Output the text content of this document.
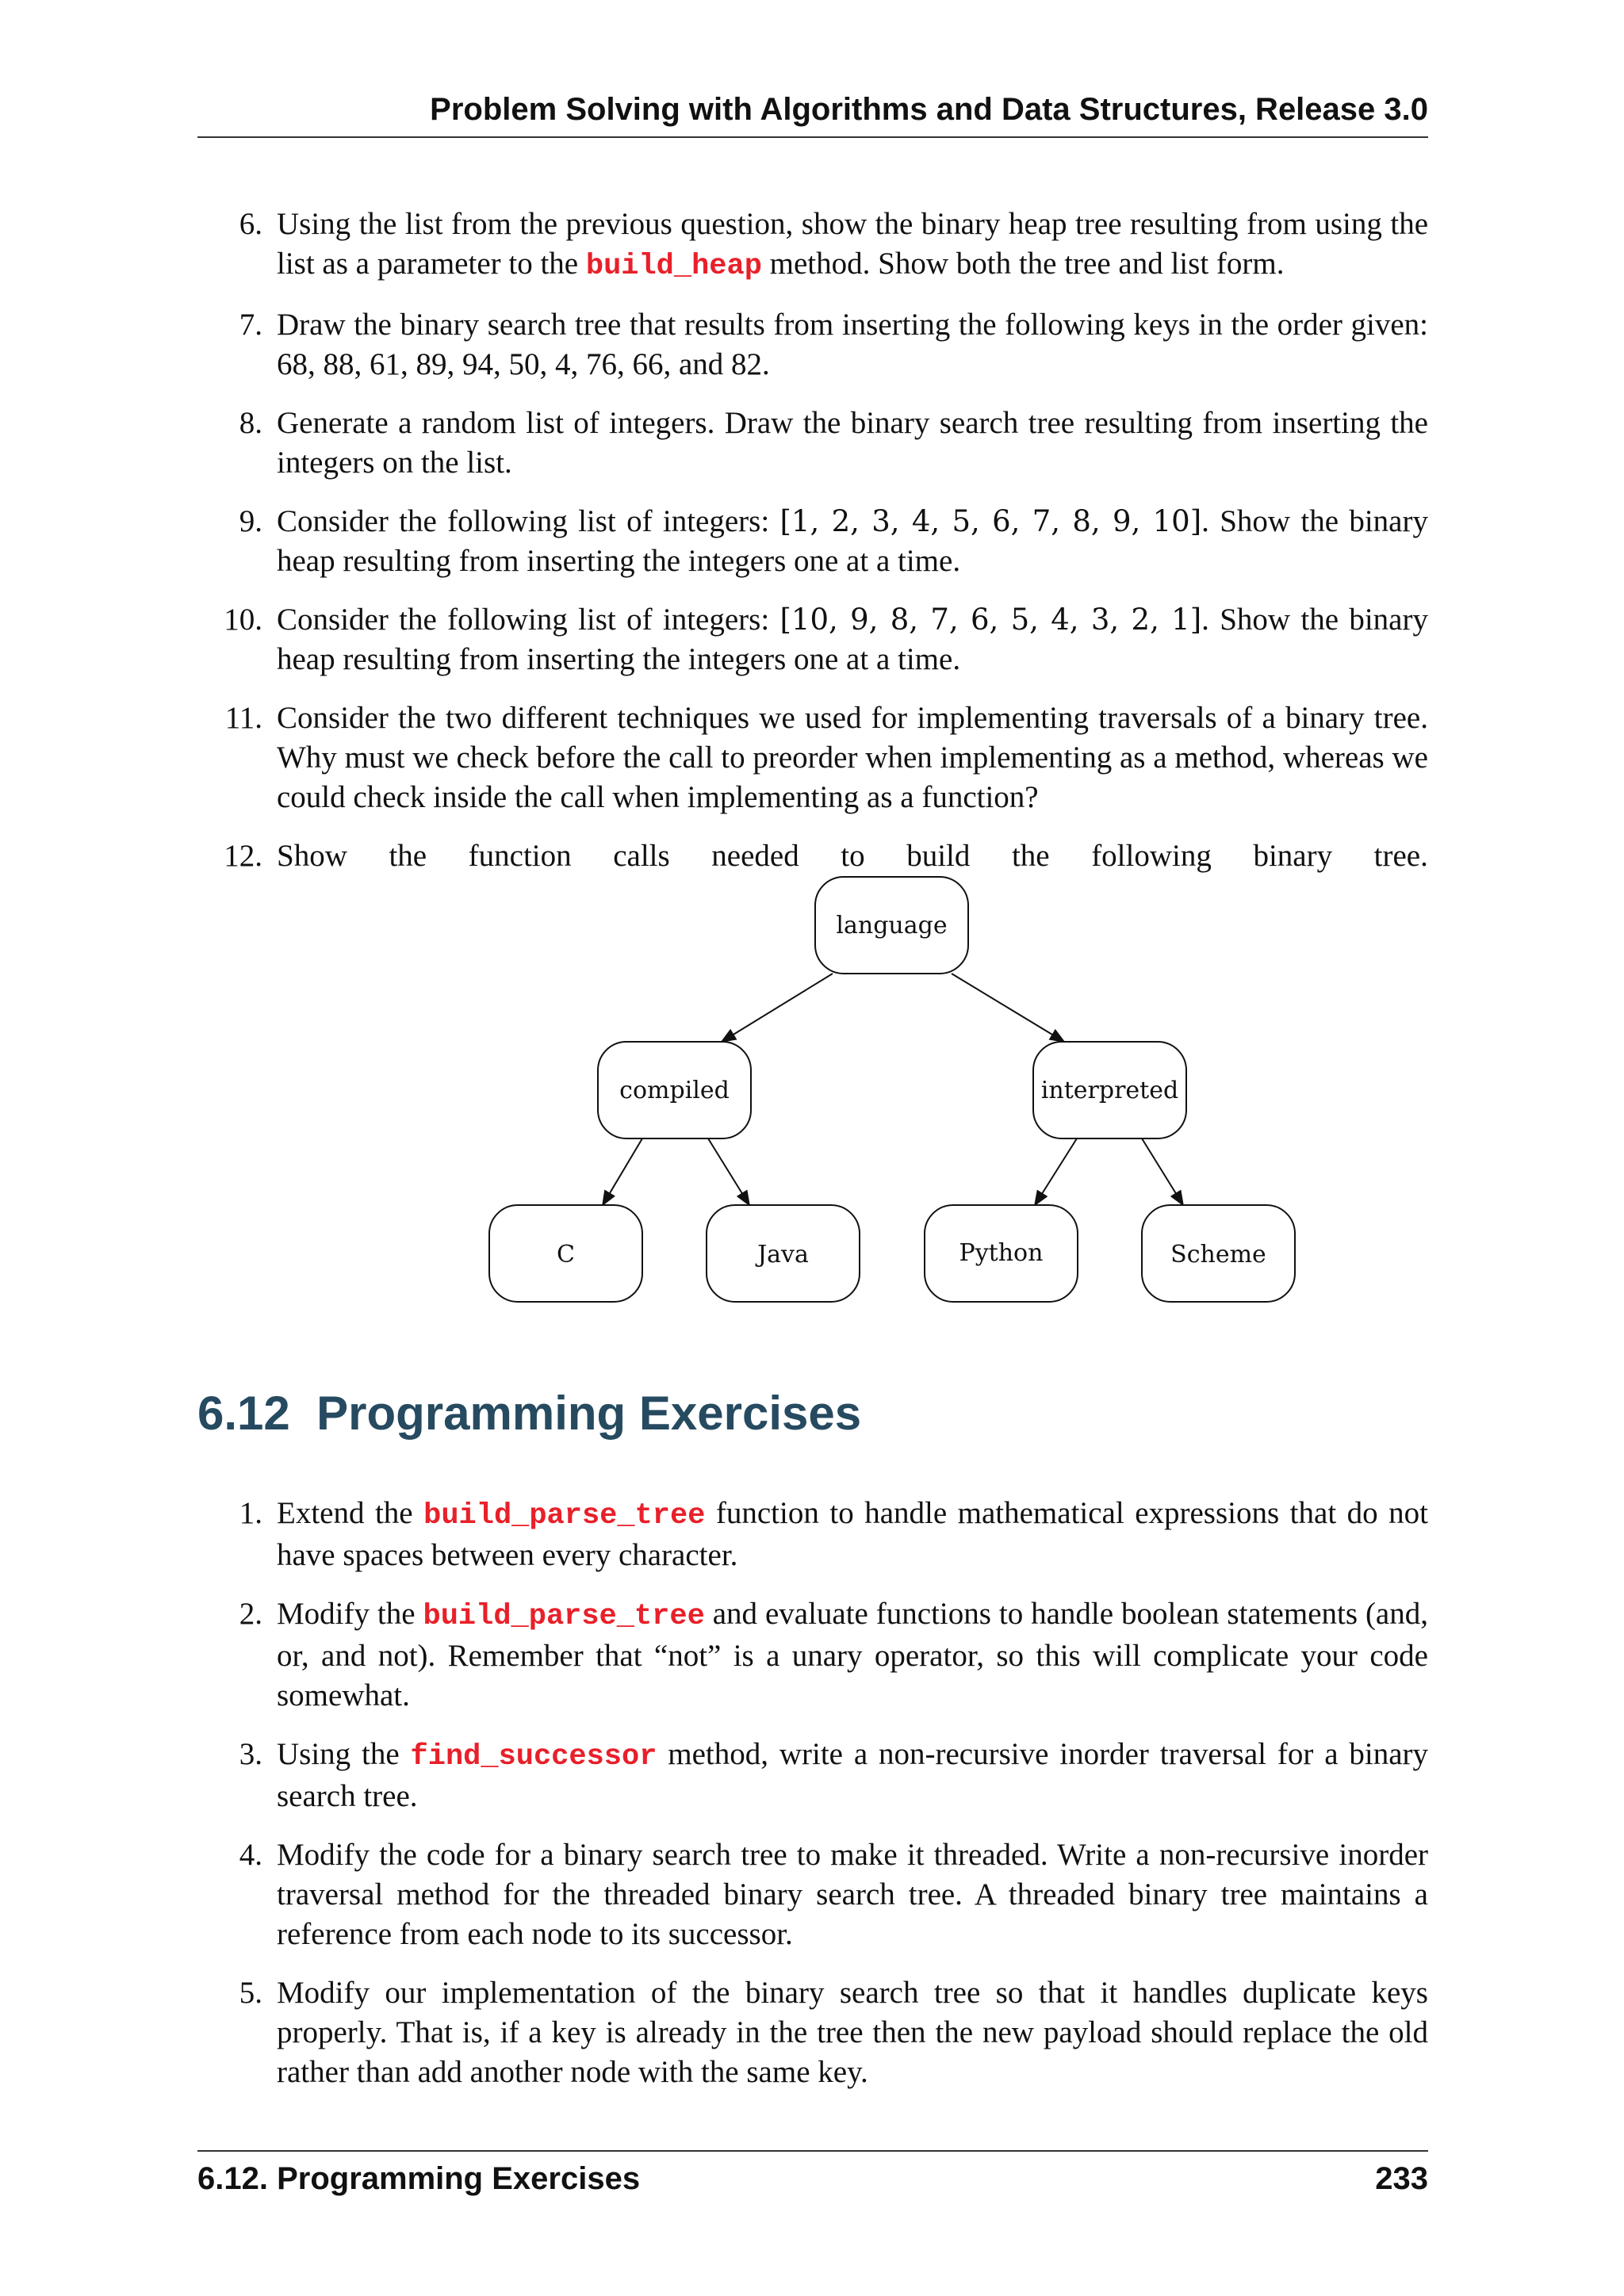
Problem Solving with Algorithms and Data Structures, Release 3.0
6. Using the list from the previous question, show the binary heap tree resulting from using the list as a parameter to the build_heap method. Show both the tree and list form.
7. Draw the binary search tree that results from inserting the following keys in the order given: 68, 88, 61, 89, 94, 50, 4, 76, 66, and 82.
8. Generate a random list of integers. Draw the binary search tree resulting from inserting the integers on the list.
9. Consider the following list of integers: [1, 2, 3, 4, 5, 6, 7, 8, 9, 10]. Show the binary heap resulting from inserting the integers one at a time.
10. Consider the following list of integers: [10, 9, 8, 7, 6, 5, 4, 3, 2, 1]. Show the binary heap resulting from inserting the integers one at a time.
11. Consider the two different techniques we used for implementing traversals of a binary tree. Why must we check before the call to preorder when implementing as a method, whereas we could check inside the call when implementing as a function?
12. Show the function calls needed to build the following binary tree.
language
compiled	interpreted
C	Java	Python	Scheme
6.12 Programming Exercises
1. Extend the build_parse_tree function to handle mathematical expressions that do not have spaces between every character.
2. Modify the build_parse_tree and evaluate functions to handle boolean statements (and, or, and not). Remember that “not” is a unary operator, so this will complicate your code somewhat.
3. Using the find_successor method, write a non-recursive inorder traversal for a binary search tree.
4. Modify the code for a binary search tree to make it threaded. Write a non-recursive inorder traversal method for the threaded binary search tree. A threaded binary tree maintains a reference from each node to its successor.
5. Modify our implementation of the binary search tree so that it handles duplicate keys properly. That is, if a key is already in the tree then the new payload should replace the old rather than add another node with the same key.
6.12. Programming Exercises	233
